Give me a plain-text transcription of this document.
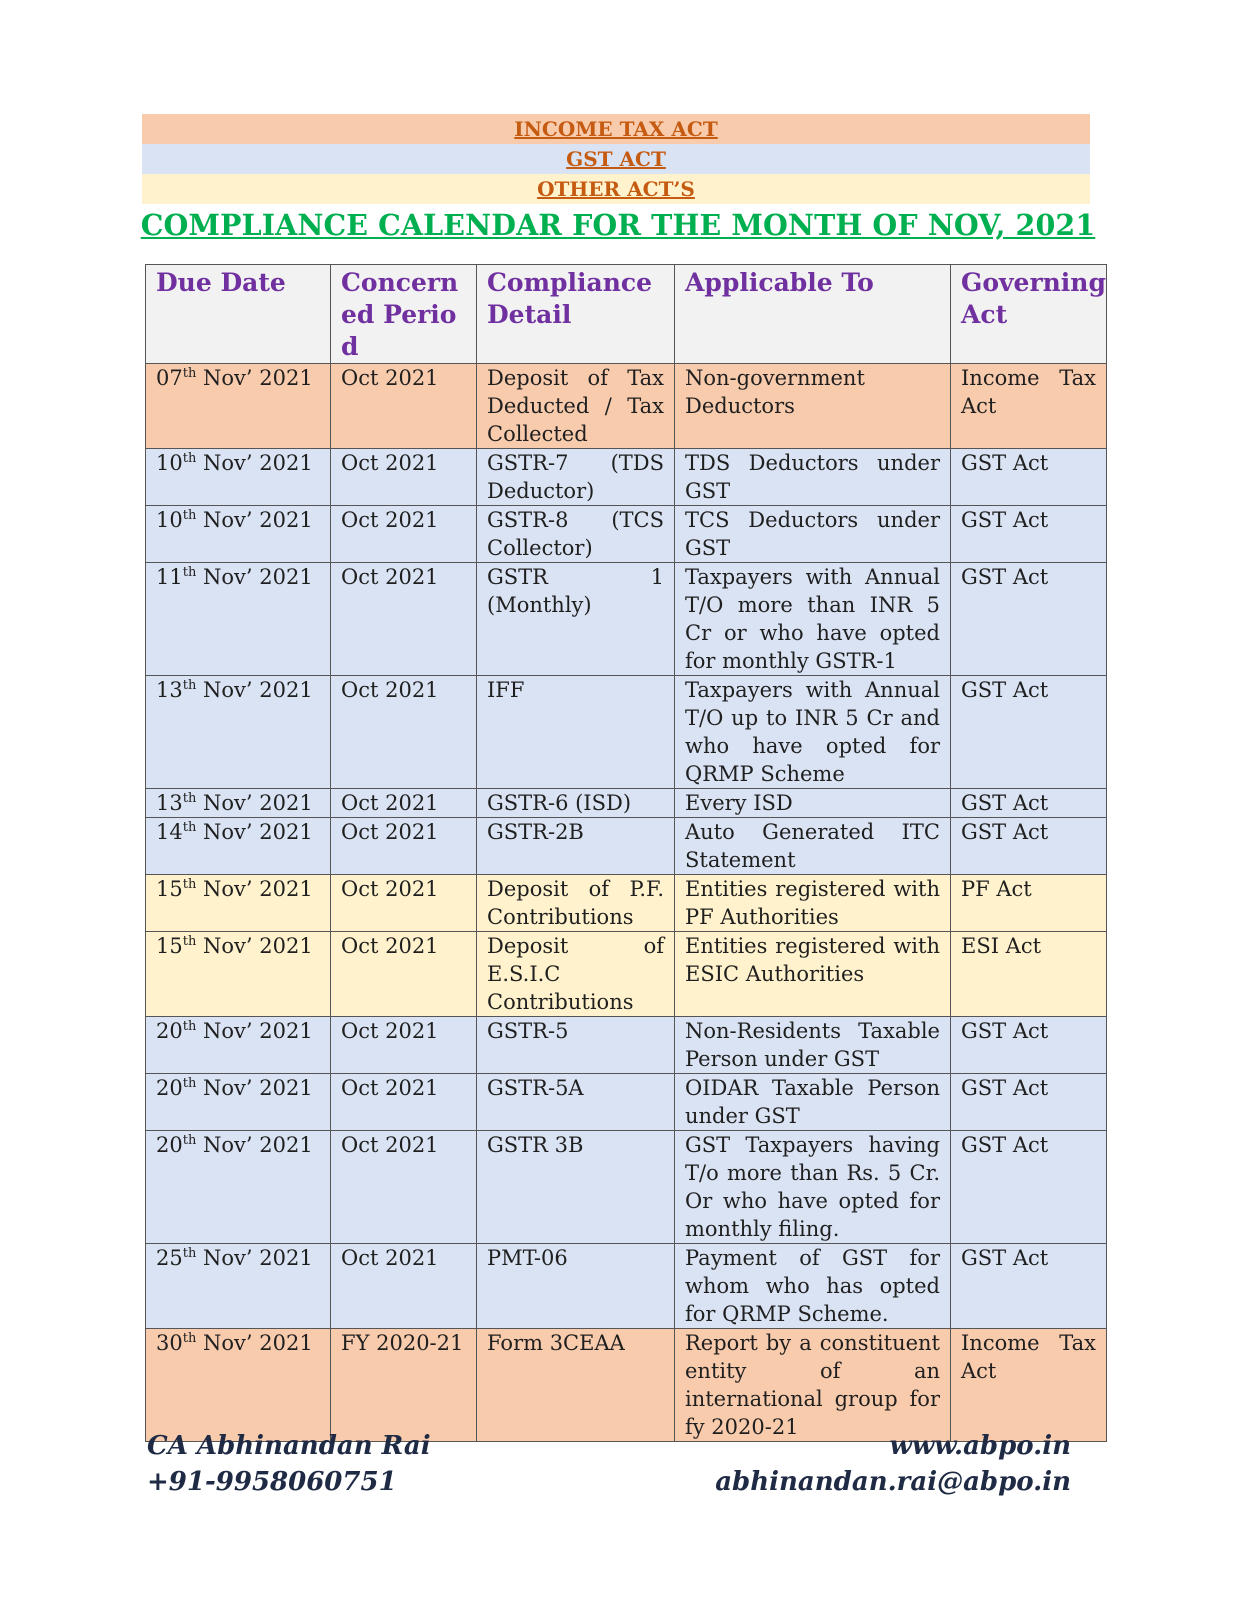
INCOME TAX ACT
GST ACT
OTHER ACT’S
COMPLIANCE CALENDAR FOR THE MONTH OF NOV, 2021
Due Date	Concerned Period	Compliance Detail	Applicable To	Governing Act
07th Nov’ 2021	Oct 2021	Deposit of Tax Deducted / Tax Collected	Non-government Deductors	Income Tax Act
10th Nov’ 2021	Oct 2021	GSTR-7 (TDS Deductor)	TDS Deductors under GST	GST Act
10th Nov’ 2021	Oct 2021	GSTR-8 (TCS Collector)	TCS Deductors under GST	GST Act
11th Nov’ 2021	Oct 2021	GSTR 1 (Monthly)	Taxpayers with Annual T/O more than INR 5 Cr or who have opted for monthly GSTR-1	GST Act
13th Nov’ 2021	Oct 2021	IFF	Taxpayers with Annual T/O up to INR 5 Cr and who have opted for QRMP Scheme	GST Act
13th Nov’ 2021	Oct 2021	GSTR-6 (ISD)	Every ISD	GST Act
14th Nov’ 2021	Oct 2021	GSTR-2B	Auto Generated ITC Statement	GST Act
15th Nov’ 2021	Oct 2021	Deposit of P.F. Contributions	Entities registered with PF Authorities	PF Act
15th Nov’ 2021	Oct 2021	Deposit of E.S.I.C Contributions	Entities registered with ESIC Authorities	ESI Act
20th Nov’ 2021	Oct 2021	GSTR-5	Non-Residents Taxable Person under GST	GST Act
20th Nov’ 2021	Oct 2021	GSTR-5A	OIDAR Taxable Person under GST	GST Act
20th Nov’ 2021	Oct 2021	GSTR 3B	GST Taxpayers having T/o more than Rs. 5 Cr. Or who have opted for monthly filing.	GST Act
25th Nov’ 2021	Oct 2021	PMT-06	Payment of GST for whom who has opted for QRMP Scheme.	GST Act
30th Nov’ 2021	FY 2020-21	Form 3CEAA	Report by a constituent entity of an international group for fy 2020-21	Income Tax Act
CA Abhinandan Rai
+91-9958060751
www.abpo.in
abhinandan.rai@abpo.in
